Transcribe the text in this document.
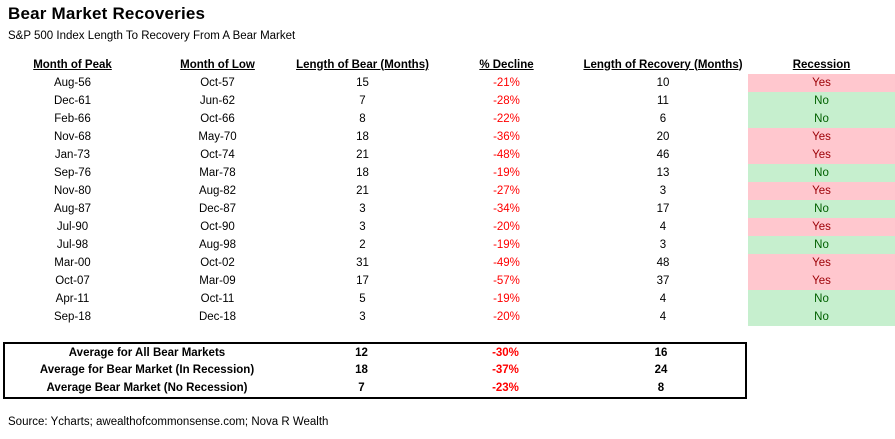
Bear Market Recoveries
S&P 500 Index Length To Recovery From A Bear Market
Month of Peak	Month of Low	Length of Bear (Months)	% Decline	Length of Recovery (Months)	Recession
Aug-56	Oct-57	15	-21%	10	Yes
Dec-61	Jun-62	7	-28%	11	No
Feb-66	Oct-66	8	-22%	6	No
Nov-68	May-70	18	-36%	20	Yes
Jan-73	Oct-74	21	-48%	46	Yes
Sep-76	Mar-78	18	-19%	13	No
Nov-80	Aug-82	21	-27%	3	Yes
Aug-87	Dec-87	3	-34%	17	No
Jul-90	Oct-90	3	-20%	4	Yes
Jul-98	Aug-98	2	-19%	3	No
Mar-00	Oct-02	31	-49%	48	Yes
Oct-07	Mar-09	17	-57%	37	Yes
Apr-11	Oct-11	5	-19%	4	No
Sep-18	Dec-18	3	-20%	4	No
Average for All Bear Markets	12	-30%	16
Average for Bear Market (In Recession)	18	-37%	24
Average Bear Market (No Recession)	7	-23%	8
Source: Ycharts; awealthofcommonsense.com; Nova R Wealth
